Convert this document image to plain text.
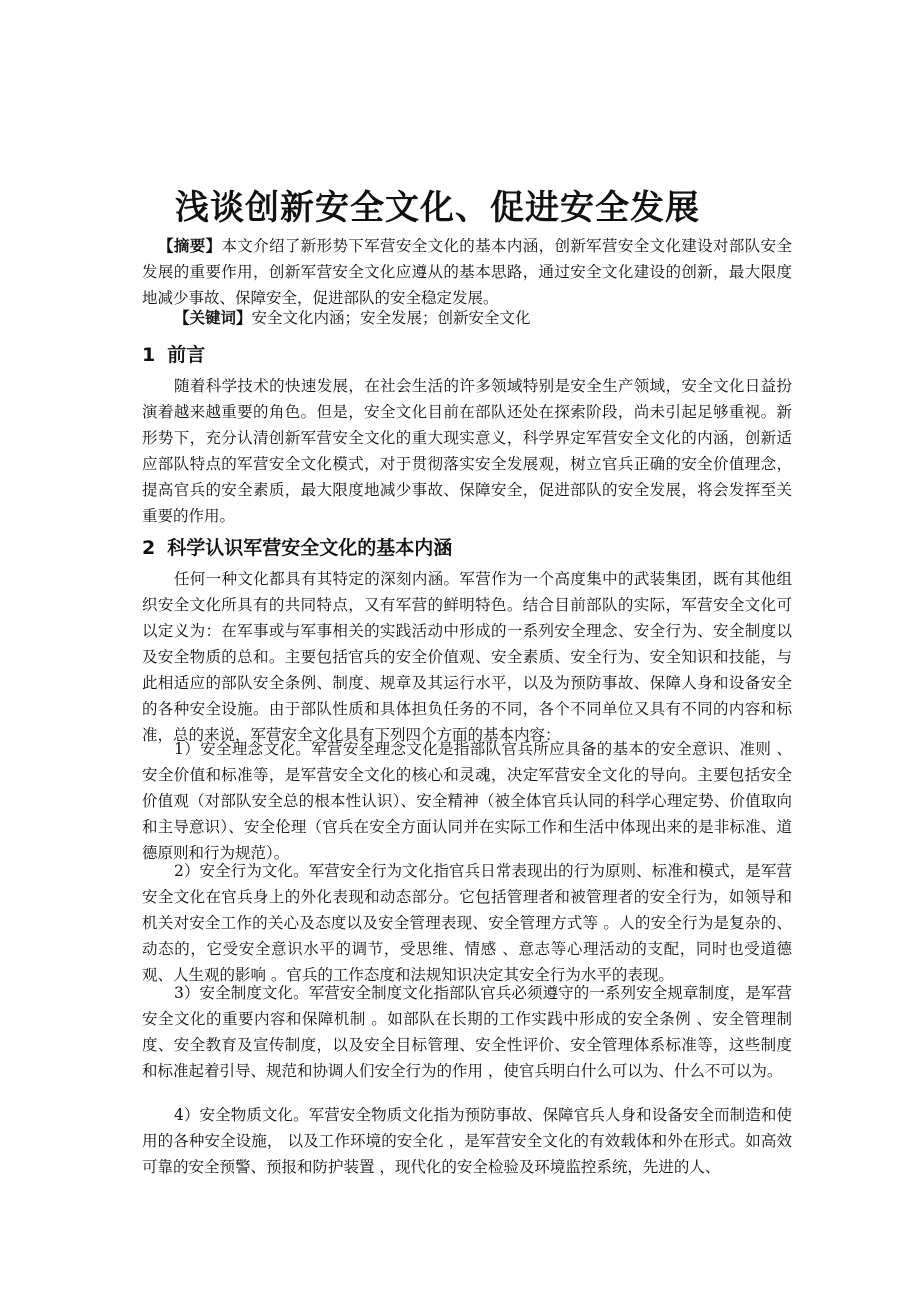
浅谈创新安全文化、促进安全发展

【摘要】本文介绍了新形势下军营安全文化的基本内涵，创新军营安全文化建设对部队安全发展的重要作用，创新军营安全文化应遵从的基本思路，通过安全文化建设的创新，最大限度地减少事故、保障安全，促进部队的安全稳定发展。

【关键词】安全文化内涵；安全发展；创新安全文化

1 前言

随着科学技术的快速发展，在社会生活的许多领域特别是安全生产领域，安全文化日益扮演着越来越重要的角色。但是，安全文化目前在部队还处在探索阶段，尚未引起足够重视。新形势下，充分认清创新军营安全文化的重大现实意义，科学界定军营安全文化的内涵，创新适应部队特点的军营安全文化模式，对于贯彻落实安全发展观，树立官兵正确的安全价值理念，提高官兵的安全素质，最大限度地减少事故、保障安全，促进部队的安全发展，将会发挥至关重要的作用。

2 科学认识军营安全文化的基本内涵

任何一种文化都具有其特定的深刻内涵。军营作为一个高度集中的武装集团，既有其他组织安全文化所具有的共同特点，又有军营的鲜明特色。结合目前部队的实际，军营安全文化可以定义为：在军事或与军事相关的实践活动中形成的一系列安全理念、安全行为、安全制度以及安全物质的总和。主要包括官兵的安全价值观、安全素质、安全行为、安全知识和技能，与此相适应的部队安全条例、制度、规章及其运行水平，以及为预防事故、保障人身和设备安全的各种安全设施。由于部队性质和具体担负任务的不同，各个不同单位又具有不同的内容和标准，总的来说，军营安全文化具有下列四个方面的基本内容：

1）安全理念文化。军营安全理念文化是指部队官兵所应具备的基本的安全意识、准则 、安全价值和标准等，是军营安全文化的核心和灵魂，决定军营安全文化的导向。主要包括安全价值观（对部队安全总的根本性认识）、安全精神（被全体官兵认同的科学心理定势、价值取向和主导意识）、安全伦理（官兵在安全方面认同并在实际工作和生活中体现出来的是非标准、道德原则和行为规范）。

2）安全行为文化。军营安全行为文化指官兵日常表现出的行为原则、标准和模式，是军营安全文化在官兵身上的外化表现和动态部分。它包括管理者和被管理者的安全行为，如领导和机关对安全工作的关心及态度以及安全管理表现、安全管理方式等 。人的安全行为是复杂的、动态的，它受安全意识水平的调节，受思维、情感 、意志等心理活动的支配，同时也受道德观、人生观的影响 。官兵的工作态度和法规知识决定其安全行为水平的表现。

3）安全制度文化。军营安全制度文化指部队官兵必须遵守的一系列安全规章制度，是军营安全文化的重要内容和保障机制 。如部队在长期的工作实践中形成的安全条例 、安全管理制度、安全教育及宣传制度，以及安全目标管理、安全性评价、安全管理体系标准等，这些制度和标准起着引导、规范和协调人们安全行为的作用 ，使官兵明白什么可以为、什么不可以为。

4）安全物质文化。军营安全物质文化指为预防事故、保障官兵人身和设备安全而制造和使用的各种安全设施， 以及工作环境的安全化 ，是军营安全文化的有效载体和外在形式。如高效可靠的安全预警、预报和防护装置 ，现代化的安全检验及环境监控系统，先进的人、
